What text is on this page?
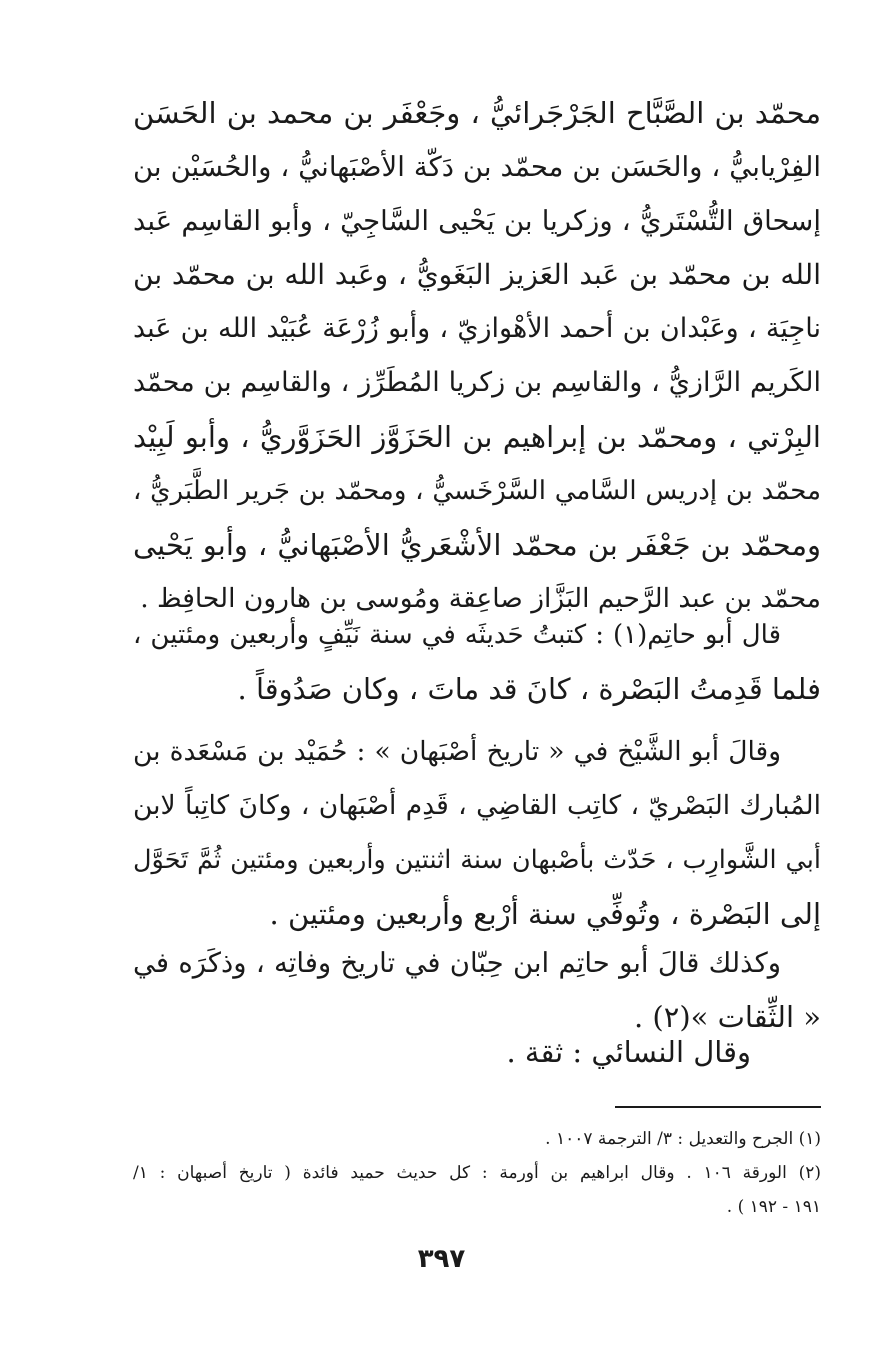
محمّد بن الصَّبَّاح الجَرْجَرائيُّ ، وجَعْفَر بن محمد بن الحَسَن
الفِرْيابيُّ ، والحَسَن بن محمّد بن دَكّة الأصْبَهانيُّ ، والحُسَيْن بن
إسحاق التُّسْتَريُّ ، وزكريا بن يَحْيى السَّاجِيّ ، وأبو القاسِم عَبد
الله بن محمّد بن عَبد العَزيز البَغَويُّ ، وعَبد الله بن محمّد بن
ناجِيَة ، وعَبْدان بن أحمد الأهْوازيّ ، وأبو زُرْعَة عُبَيْد الله بن عَبد
الكَريم الرَّازيُّ ، والقاسِم بن زكريا المُطَرِّز ، والقاسِم بن محمّد
البِرْتي ، ومحمّد بن إبراهيم بن الحَزَوَّز الحَزَوَّريُّ ، وأبو لَبِيْد
محمّد بن إدريس السَّامي السَّرْخَسيُّ ، ومحمّد بن جَرير الطَّبَريُّ ،
ومحمّد بن جَعْفَر بن محمّد الأشْعَريُّ الأصْبَهانيُّ ، وأبو يَحْيى
محمّد بن عبد الرَّحيم البَزَّاز صاعِقة ومُوسى بن هارون الحافِظ .
قال أبو حاتِم(١) : كتبتُ حَديثَه في سنة نَيِّفٍ وأربعين ومئتين ،
فلما قَدِمتُ البَصْرة ، كانَ قد ماتَ ، وكان صَدُوقاً .
وقالَ أبو الشَّيْخ في « تاريخ أصْبَهان » : حُمَيْد بن مَسْعَدة بن
المُبارك البَصْريّ ، كاتِب القاضِي ، قَدِم أصْبَهان ، وكانَ كاتِباً لابن
أبي الشَّوارِب ، حَدّث بأصْبهان سنة اثنتين وأربعين ومئتين ثُمَّ تَحَوَّل
إلى البَصْرة ، وتُوفِّي سنة أرْبع وأربعين ومئتين .
وكذلك قالَ أبو حاتِم ابن حِبّان في تاريخ وفاتِه ، وذكَرَه في
« الثِّقات »(٢) .
وقال النسائي : ثقة .
(١) الجرح والتعديل : ٣/ الترجمة ١٠٠٧ .
(٢) الورقة ١٠٦ . وقال ابراهيم بن أورمة : كل حديث حميد فائدة ( تاريخ أصبهان : ١/
١٩١ - ١٩٢ ) .
٣٩٧
